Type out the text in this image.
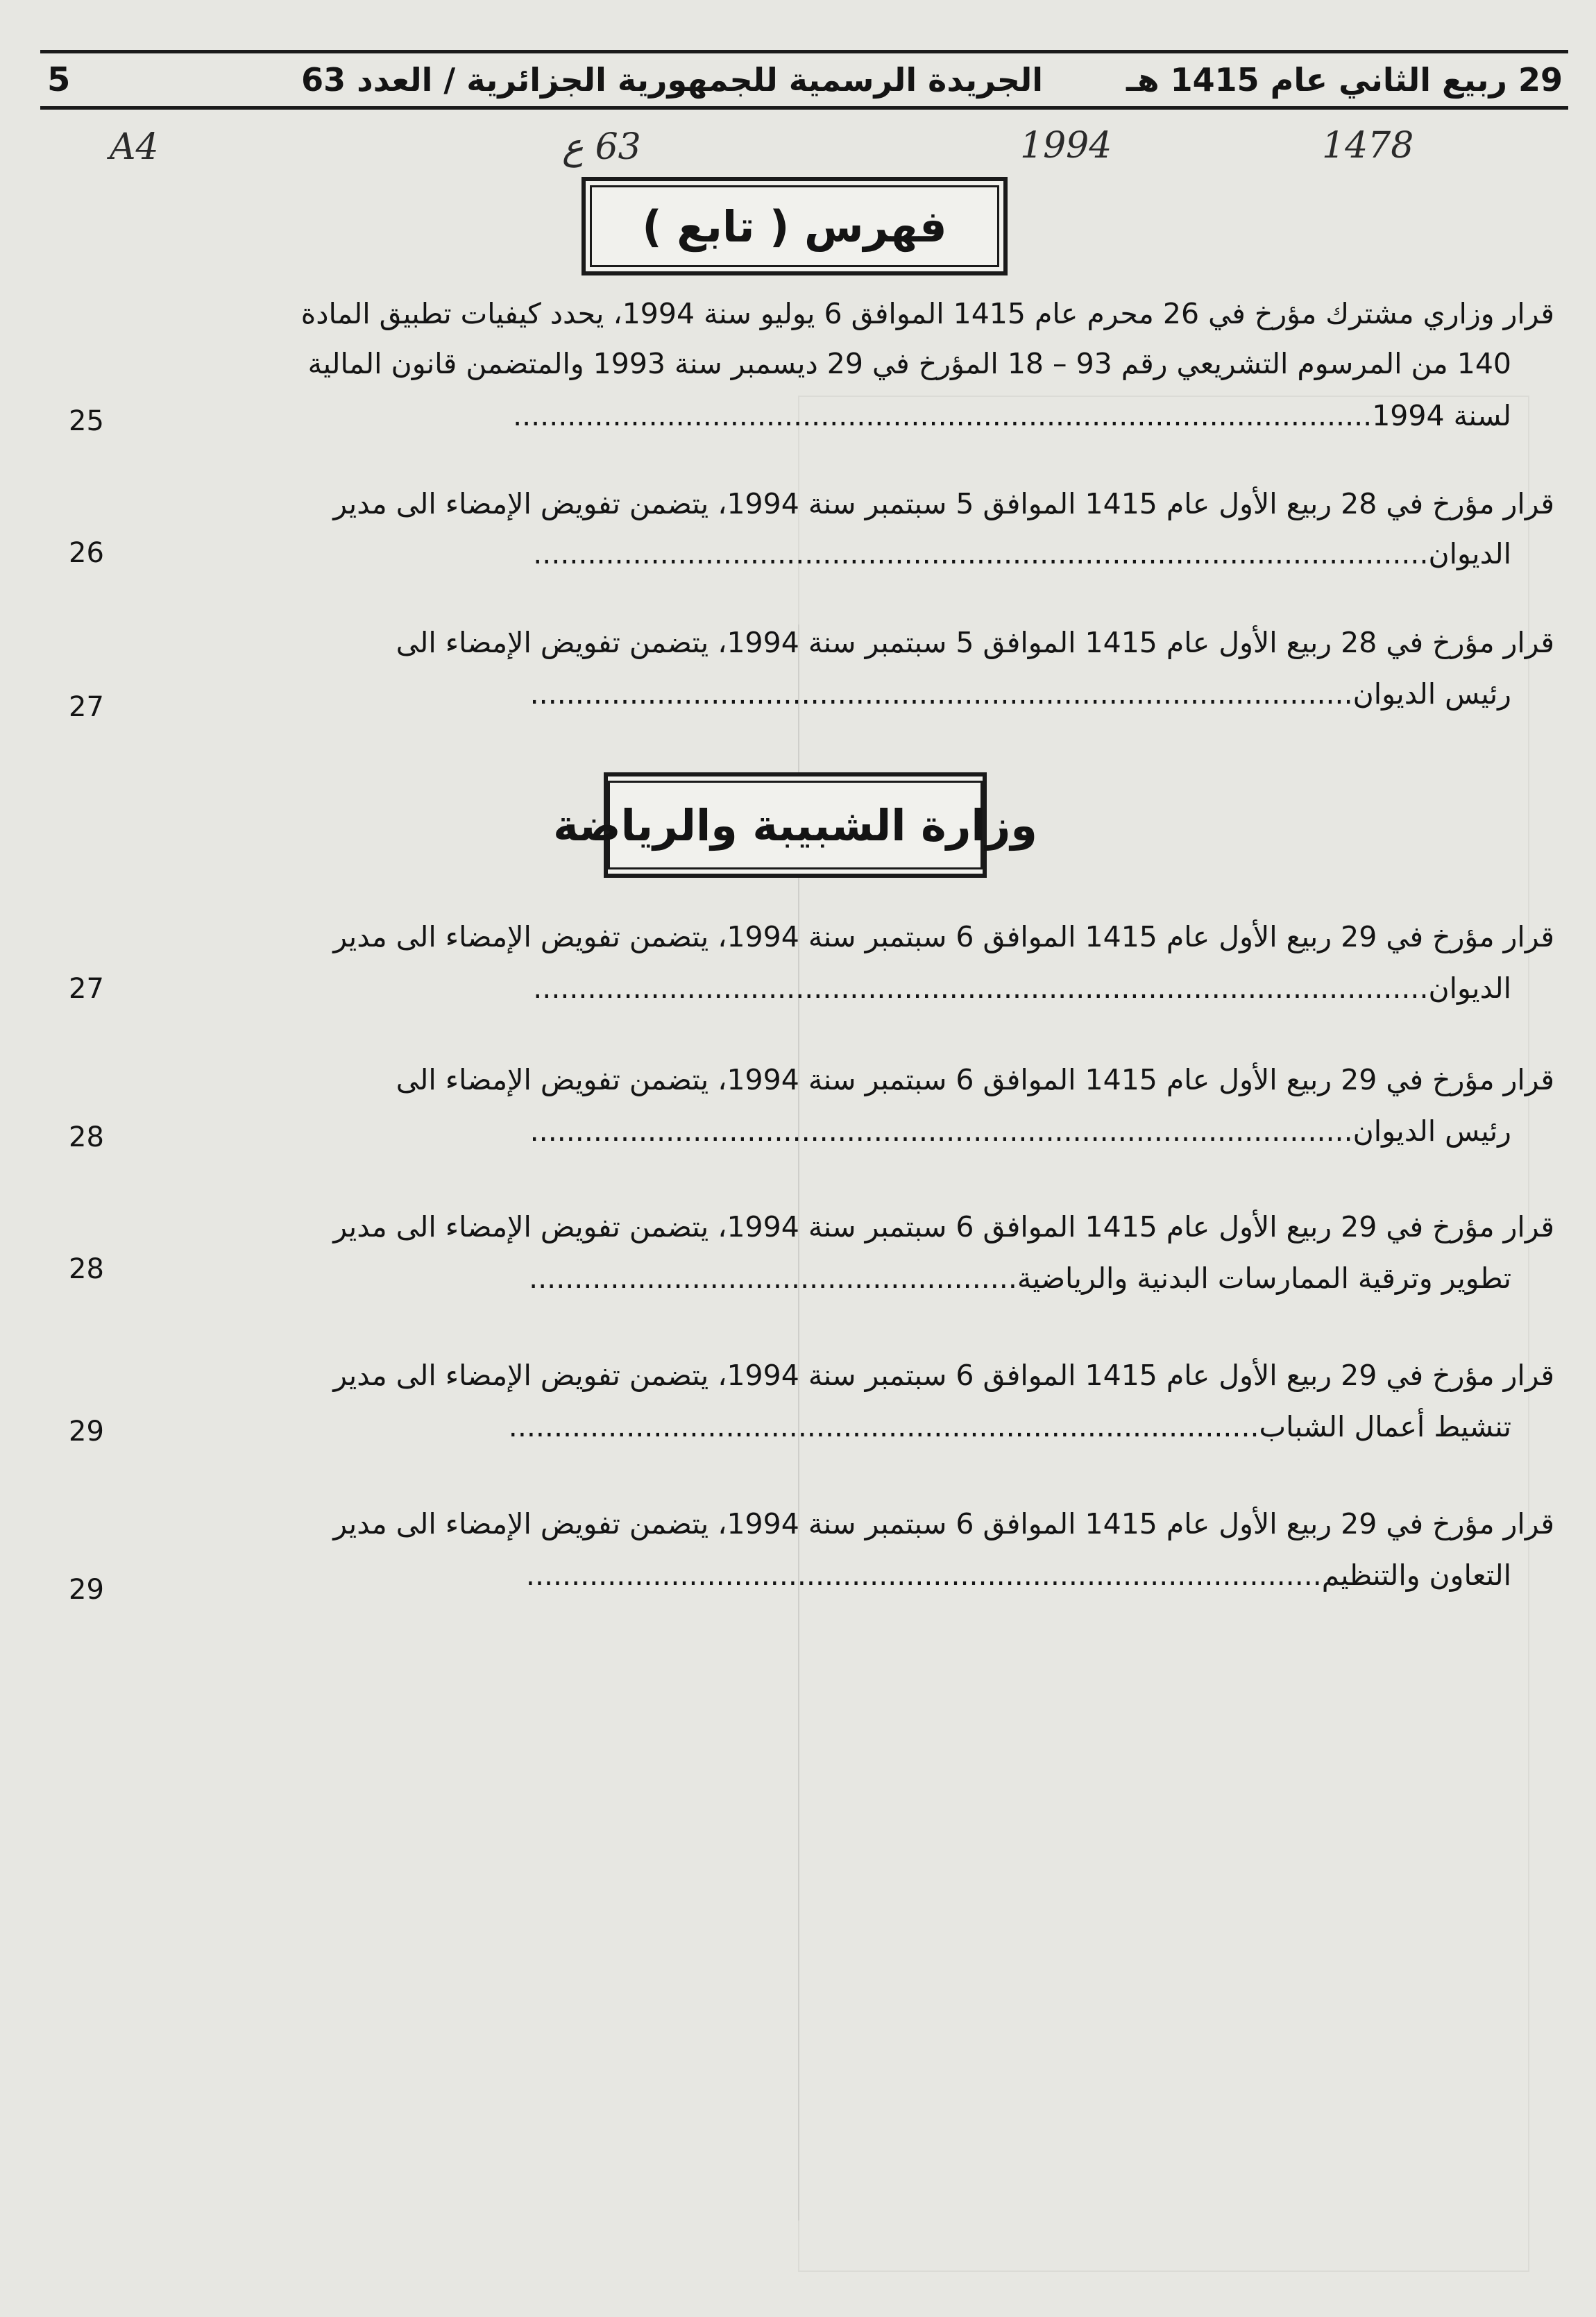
5	29 ربيع الثاني عام 1415 هـ
الجريدة الرسمية للجمهورية الجزائرية / العدد 63
A4	63 ع	1994	1478
فهرس ( تابع )
قرار وزاري مشترك مؤرخ في 26 محرم عام 1415 الموافق 6 يوليو سنة 1994، يحدد كيفيات تطبيق المادة
140 من المرسوم التشريعي رقم 93 – 18 المؤرخ في 29 ديسمبر سنة 1993 والمتضمن قانون المالية
لسنة 1994...............................................................................................
25
قرار مؤرخ في 28 ربيع الأول عام 1415 الموافق 5 سبتمبر سنة 1994، يتضمن تفويض الإمضاء الى مدير
الديوان...................................................................................................
26
قرار مؤرخ في 28 ربيع الأول عام 1415 الموافق 5 سبتمبر سنة 1994، يتضمن تفويض الإمضاء الى
رئيس الديوان...........................................................................................
27
وزارة الشبيبة والرياضة
قرار مؤرخ في 29 ربيع الأول عام 1415 الموافق 6 سبتمبر سنة 1994، يتضمن تفويض الإمضاء الى مدير
الديوان...................................................................................................
27
قرار مؤرخ في 29 ربيع الأول عام 1415 الموافق 6 سبتمبر سنة 1994، يتضمن تفويض الإمضاء الى
رئيس الديوان...........................................................................................
28
قرار مؤرخ في 29 ربيع الأول عام 1415 الموافق 6 سبتمبر سنة 1994، يتضمن تفويض الإمضاء الى مدير
تطوير وترقية الممارسات البدنية والرياضية......................................................
28
قرار مؤرخ في 29 ربيع الأول عام 1415 الموافق 6 سبتمبر سنة 1994، يتضمن تفويض الإمضاء الى مدير
تنشيط أعمال الشباب...................................................................................
29
قرار مؤرخ في 29 ربيع الأول عام 1415 الموافق 6 سبتمبر سنة 1994، يتضمن تفويض الإمضاء الى مدير
التعاون والتنظيم........................................................................................
29
